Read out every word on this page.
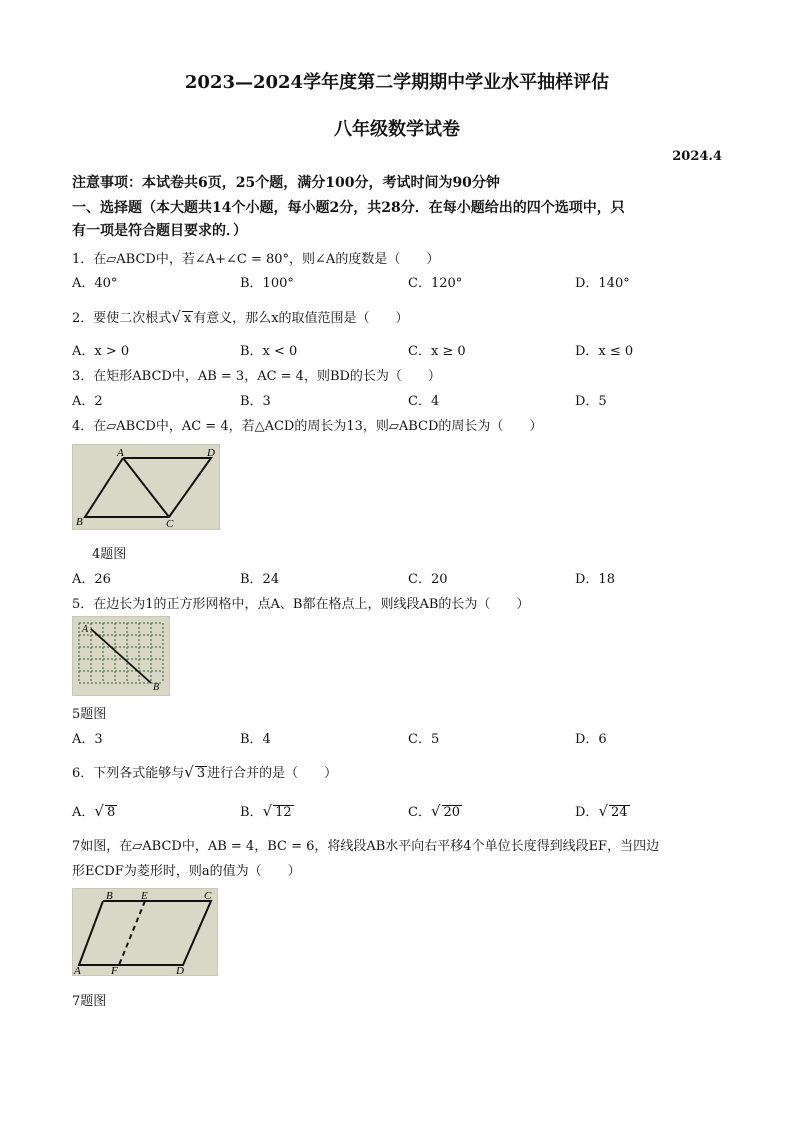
2023—2024学年度第二学期期中学业水平抽样评估
八年级数学试卷
2024.4
注意事项：本试卷共6页，25个题，满分100分，考试时间为90分钟
一、选择题（本大题共14个小题，每小题2分，共28分．在每小题给出的四个选项中，只
有一项是符合题目要求的．）
1．在▱ABCD中，若∠A+∠C = 80°，则∠A的度数是（　　）
A．40°	B．100°	C．120°	D．140°
2．要使二次根式√ x 有意义，那么x的取值范围是（　　）
A．x > 0	B．x < 0	C．x ≥ 0	D．x ≤ 0
3．在矩形ABCD中，AB = 3，AC = 4，则BD的长为（　　）
A．2	B．3	C．4	D．5
4．在▱ABCD中，AC = 4，若△ACD的周长为13，则▱ABCD的周长为（　　）
A	D
B	C
4题图
A．26	B．24	C．20	D．18
5．在边长为1的正方形网格中，点A、B都在格点上，则线段AB的长为（　　）
A
B
5题图
A．3	B．4	C．5	D．6
6．下列各式能够与√ 3 进行合并的是（　　）
A．√ 8	B．√ 12	C．√ 20	D．√ 24
7如图，在▱ABCD中，AB = 4，BC = 6，将线段AB水平向右平移4个单位长度得到线段EF，当四边
形ECDF为菱形时，则a的值为（　　）
B	E	C
A	F	D
7题图
